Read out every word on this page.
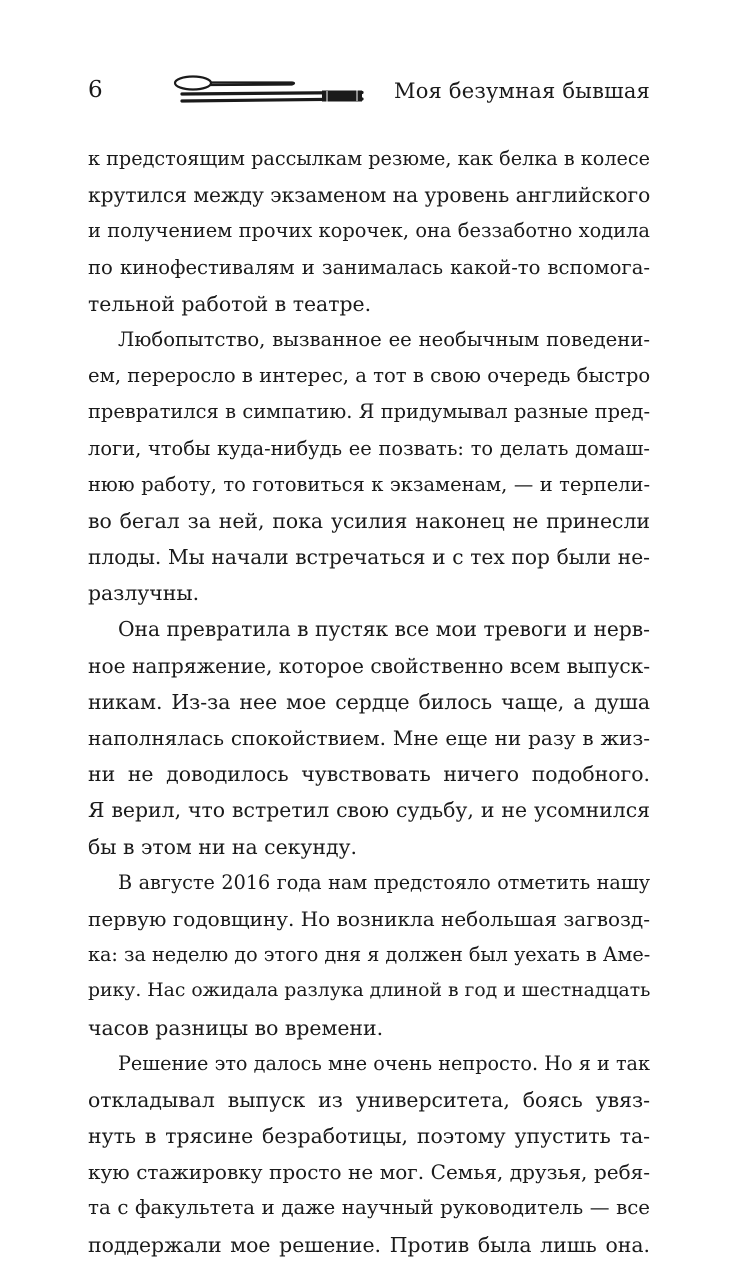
6	Моя безумная бывшая
к предстоящим рассылкам резюме, как белка в колесе
крутился между экзаменом на уровень английского
и получением прочих корочек, она беззаботно ходила
по кинофестивалям и занималась какой-то вспомога-
тельной работой в театре.
Любопытство, вызванное ее необычным поведени-
ем, переросло в интерес, а тот в свою очередь быстро
превратился в симпатию. Я придумывал разные пред-
логи, чтобы куда-нибудь ее позвать: то делать домаш-
нюю работу, то готовиться к экзаменам, — и терпели-
во бегал за ней, пока усилия наконец не принесли
плоды. Мы начали встречаться и с тех пор были не-
разлучны.
Она превратила в пустяк все мои тревоги и нерв-
ное напряжение, которое свойственно всем выпуск-
никам. Из-за нее мое сердце билось чаще, а душа
наполнялась спокойствием. Мне еще ни разу в жиз-
ни не доводилось чувствовать ничего подобного.
Я верил, что встретил свою судьбу, и не усомнился
бы в этом ни на секунду.
В августе 2016 года нам предстояло отметить нашу
первую годовщину. Но возникла небольшая загвозд-
ка: за неделю до этого дня я должен был уехать в Аме-
рику. Нас ожидала разлука длиной в год и шестнадцать
часов разницы во времени.
Решение это далось мне очень непросто. Но я и так
откладывал выпуск из университета, боясь увяз-
нуть в трясине безработицы, поэтому упустить та-
кую стажировку просто не мог. Семья, друзья, ребя-
та с факультета и даже научный руководитель — все
поддержали мое решение. Против была лишь она.
